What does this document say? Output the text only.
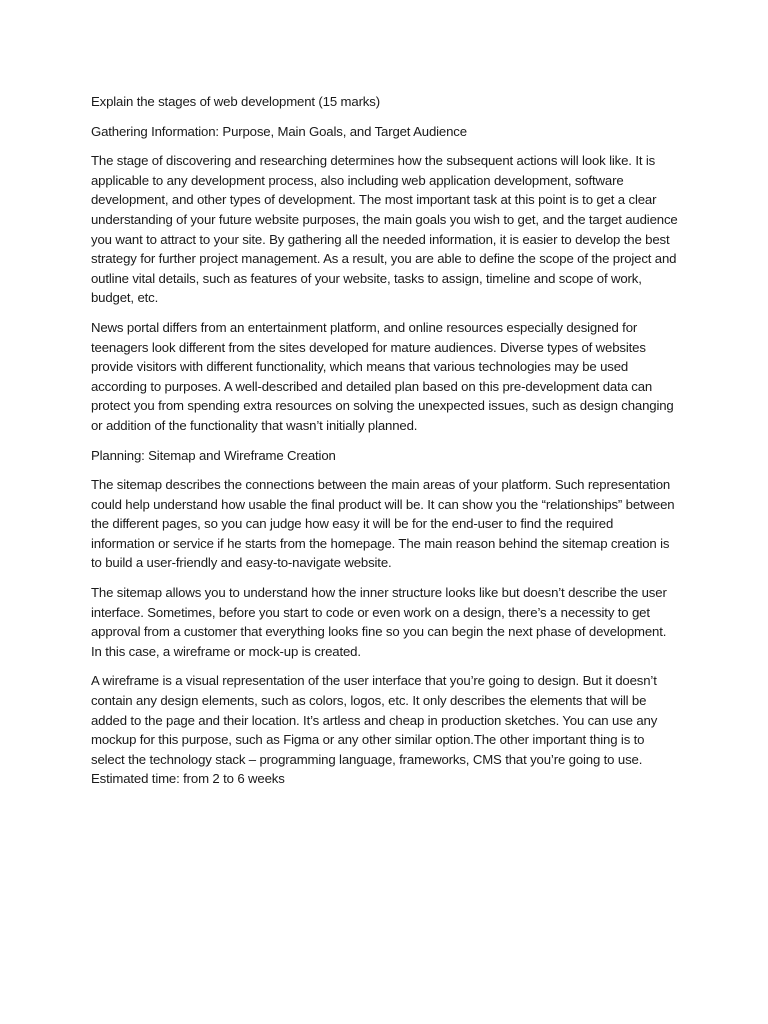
Explain the stages of web development (15 marks)

Gathering Information: Purpose, Main Goals, and Target Audience

The stage of discovering and researching determines how the subsequent actions will look like. It is applicable to any development process, also including web application development, software development, and other types of development. The most important task at this point is to get a clear understanding of your future website purposes, the main goals you wish to get, and the target audience you want to attract to your site. By gathering all the needed information, it is easier to develop the best strategy for further project management. As a result, you are able to define the scope of the project and outline vital details, such as features of your website, tasks to assign, timeline and scope of work, budget, etc.

News portal differs from an entertainment platform, and online resources especially designed for teenagers look different from the sites developed for mature audiences. Diverse types of websites provide visitors with different functionality, which means that various technologies may be used according to purposes. A well-described and detailed plan based on this pre-development data can protect you from spending extra resources on solving the unexpected issues, such as design changing or addition of the functionality that wasn’t initially planned.

Planning: Sitemap and Wireframe Creation

The sitemap describes the connections between the main areas of your platform. Such representation could help understand how usable the final product will be. It can show you the “relationships” between the different pages, so you can judge how easy it will be for the end-user to find the required information or service if he starts from the homepage. The main reason behind the sitemap creation is to build a user-friendly and easy-to-navigate website.

The sitemap allows you to understand how the inner structure looks like but doesn’t describe the user interface. Sometimes, before you start to code or even work on a design, there’s a necessity to get approval from a customer that everything looks fine so you can begin the next phase of development. In this case, a wireframe or mock-up is created.

A wireframe is a visual representation of the user interface that you’re going to design. But it doesn’t contain any design elements, such as colors, logos, etc. It only describes the elements that will be added to the page and their location. It’s artless and cheap in production sketches. You can use any mockup for this purpose, such as Figma or any other similar option.The other important thing is to select the technology stack – programming language, frameworks, CMS that you’re going to use. Estimated time: from 2 to 6 weeks
